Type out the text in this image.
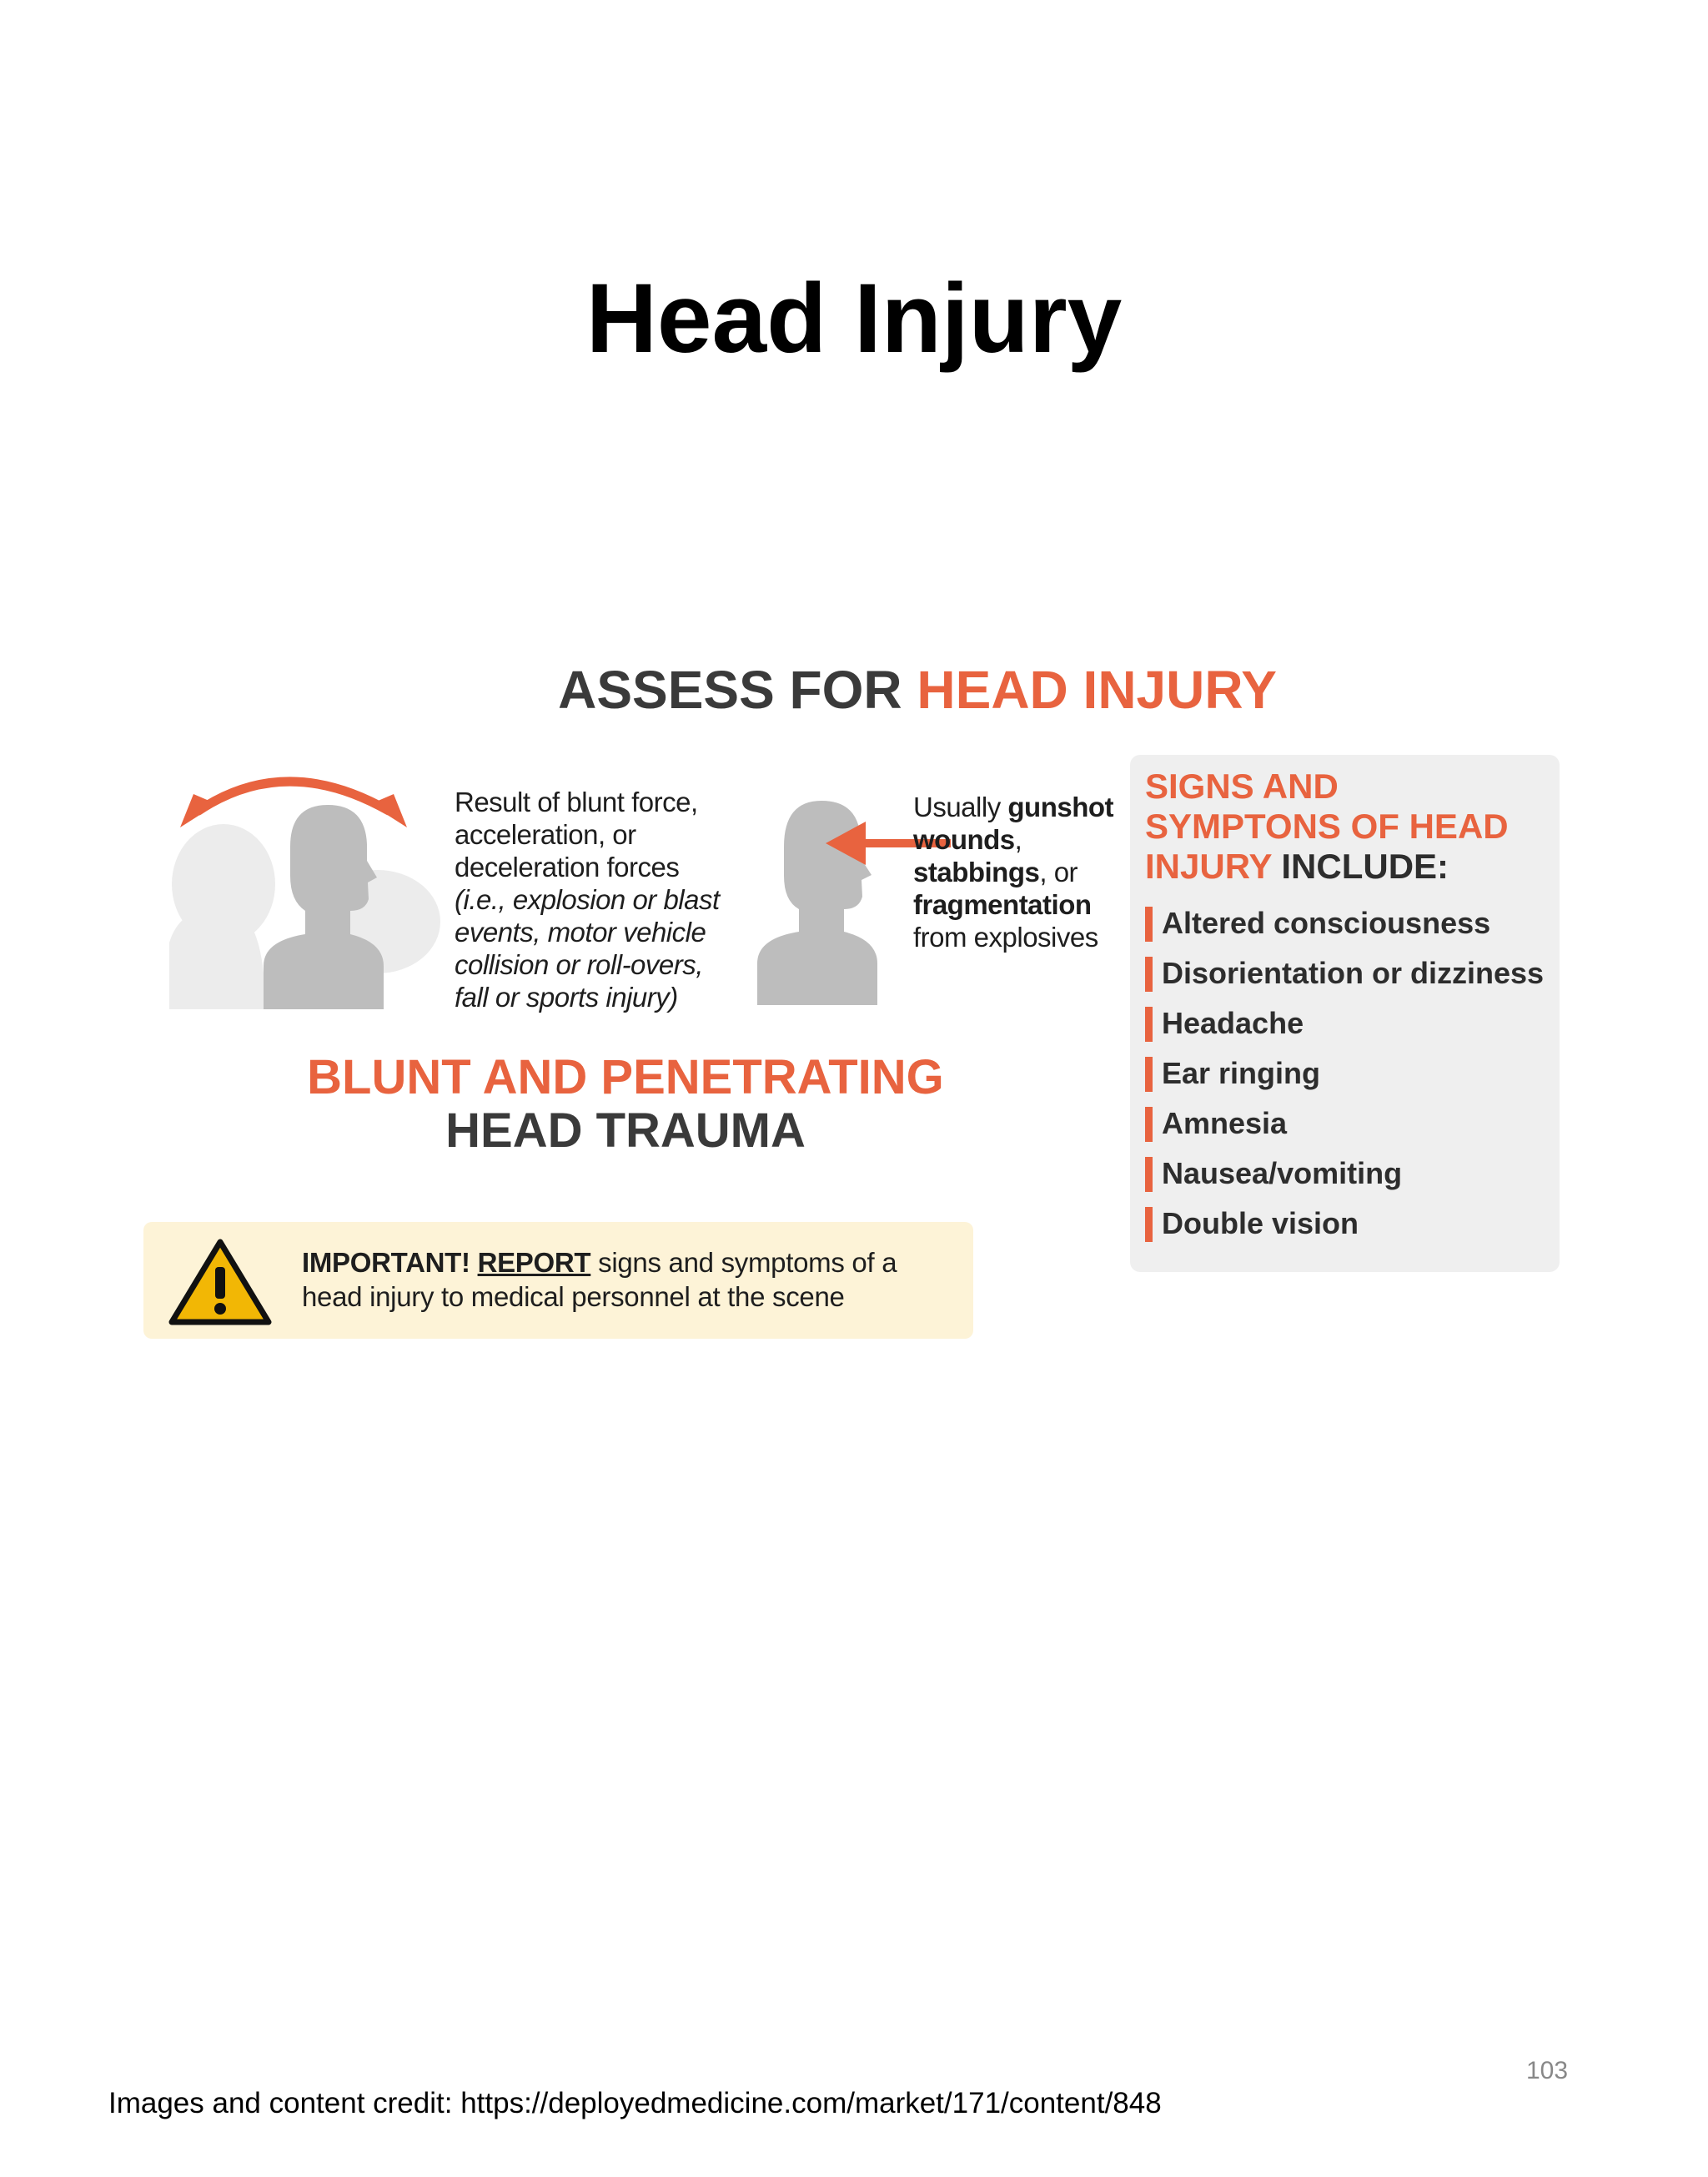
Head Injury
ASSESS FOR HEAD INJURY
Result of blunt force,
acceleration, or
deceleration forces
(i.e., explosion or blast
events, motor vehicle
collision or roll-overs,
fall or sports injury)
Usually gunshot
wounds,
stabbings, or
fragmentation
from explosives
BLUNT AND PENETRATING
HEAD TRAUMA
IMPORTANT! REPORT signs and symptoms of a
head injury to medical personnel at the scene
SIGNS AND
SYMPTONS OF HEAD
INJURY INCLUDE:
Altered consciousness
Disorientation or dizziness
Headache
Ear ringing
Amnesia
Nausea/vomiting
Double vision
103
Images and content credit: https://deployedmedicine.com/market/171/content/848
